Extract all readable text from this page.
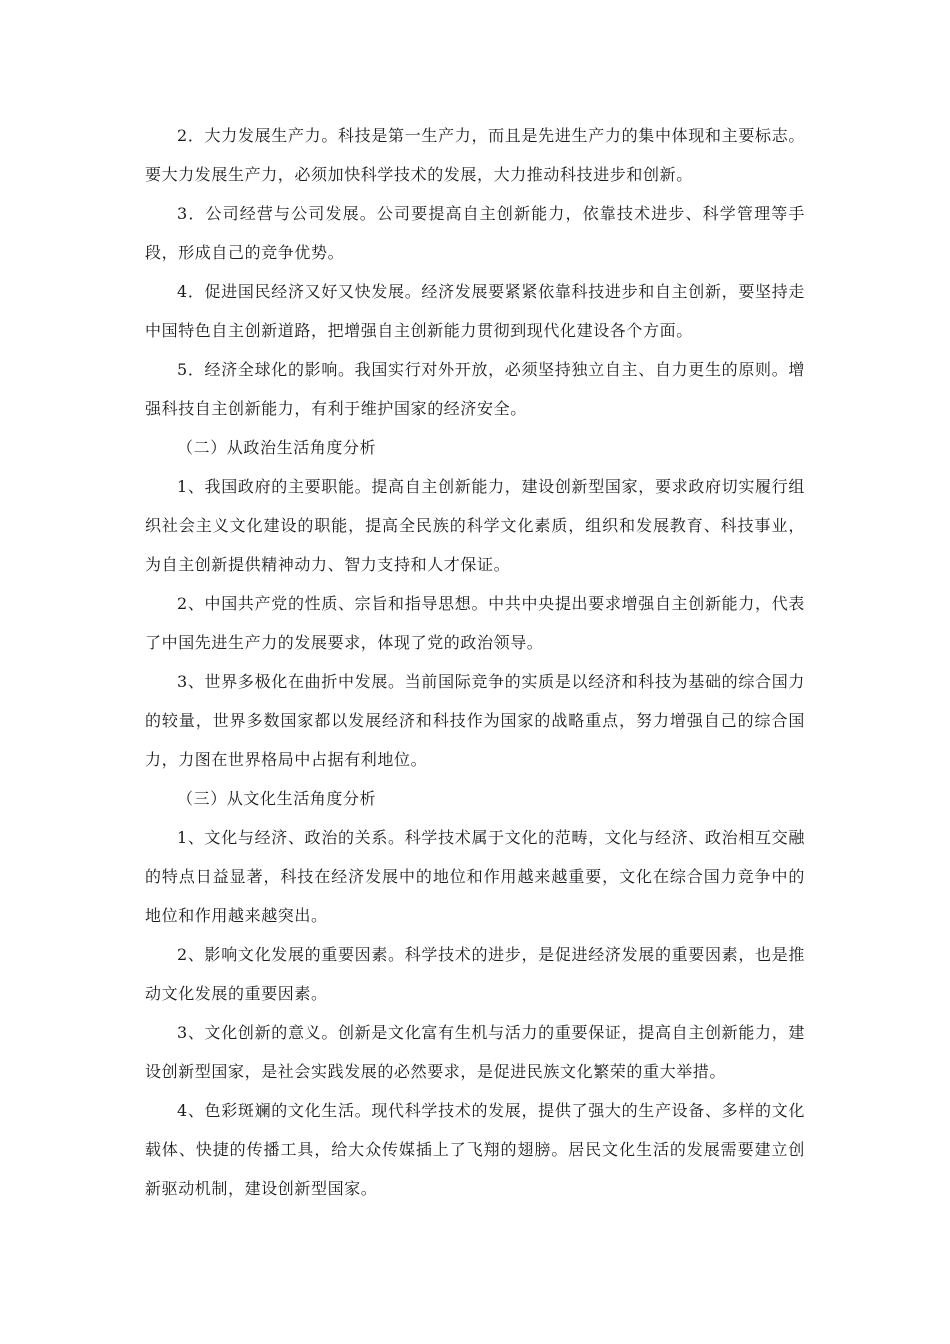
2．大力发展生产力。科技是第一生产力，而且是先进生产力的集中体现和主要标志。要大力发展生产力，必须加快科学技术的发展，大力推动科技进步和创新。

3．公司经营与公司发展。公司要提高自主创新能力，依靠技术进步、科学管理等手段，形成自己的竞争优势。

4．促进国民经济又好又快发展。经济发展要紧紧依靠科技进步和自主创新，要坚持走中国特色自主创新道路，把增强自主创新能力贯彻到现代化建设各个方面。

5．经济全球化的影响。我国实行对外开放，必须坚持独立自主、自力更生的原则。增强科技自主创新能力，有利于维护国家的经济安全。

（二）从政治生活角度分析

1、我国政府的主要职能。提高自主创新能力，建设创新型国家，要求政府切实履行组织社会主义文化建设的职能，提高全民族的科学文化素质，组织和发展教育、科技事业，为自主创新提供精神动力、智力支持和人才保证。

2、中国共产党的性质、宗旨和指导思想。中共中央提出要求增强自主创新能力，代表了中国先进生产力的发展要求，体现了党的政治领导。

3、世界多极化在曲折中发展。当前国际竞争的实质是以经济和科技为基础的综合国力的较量，世界多数国家都以发展经济和科技作为国家的战略重点，努力增强自己的综合国力，力图在世界格局中占据有利地位。

（三）从文化生活角度分析

1、文化与经济、政治的关系。科学技术属于文化的范畴，文化与经济、政治相互交融的特点日益显著，科技在经济发展中的地位和作用越来越重要，文化在综合国力竞争中的地位和作用越来越突出。

2、影响文化发展的重要因素。科学技术的进步，是促进经济发展的重要因素，也是推动文化发展的重要因素。

3、文化创新的意义。创新是文化富有生机与活力的重要保证，提高自主创新能力，建设创新型国家，是社会实践发展的必然要求，是促进民族文化繁荣的重大举措。

4、色彩斑斓的文化生活。现代科学技术的发展，提供了强大的生产设备、多样的文化载体、快捷的传播工具，给大众传媒插上了飞翔的翅膀。居民文化生活的发展需要建立创新驱动机制，建设创新型国家。
